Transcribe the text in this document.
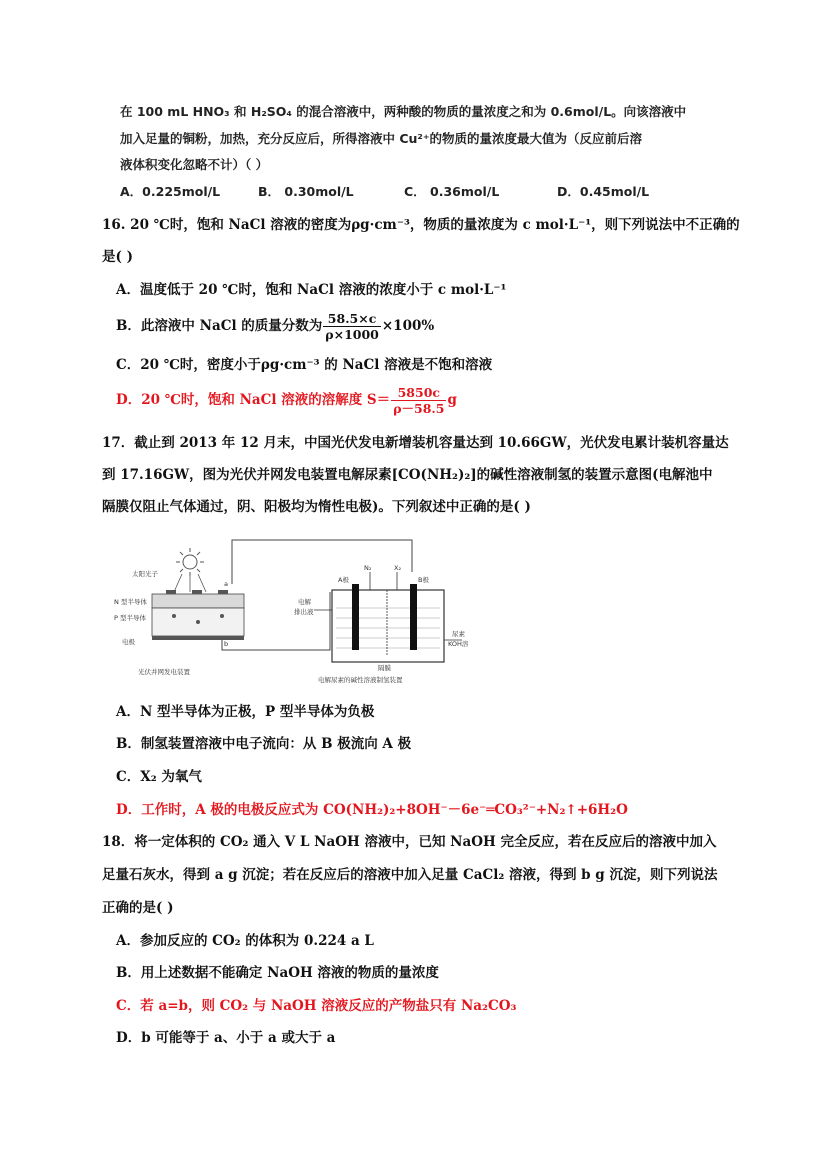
在 100 mL HNO₃ 和 H₂SO₄ 的混合溶液中，两种酸的物质的量浓度之和为 0.6mol/L。向该溶液中
加入足量的铜粉，加热，充分反应后，所得溶液中 Cu²⁺的物质的量浓度最大值为（反应前后溶
液体积变化忽略不计）（ ）
A．0.225mol/L	B． 0.30mol/L	C． 0.36mol/L	D．0.45mol/L
16. 20 ℃时，饱和 NaCl 溶液的密度为ρg·cm⁻³，物质的量浓度为 c mol·L⁻¹，则下列说法中不正确的
是( )
A．温度低于 20 ℃时，饱和 NaCl 溶液的浓度小于 c mol·L⁻¹
B．此溶液中 NaCl 的质量分数为 $\frac{58.5\times c}{\rho\times 1000} \times 100\%$
C．20 ℃时，密度小于ρg·cm⁻³ 的 NaCl 溶液是不饱和溶液
D．20 ℃时，饱和 NaCl 溶液的溶解度 $S= \frac{5850c}{\rho-58.5}$ g
17．截止到 2013 年 12 月末，中国光伏发电新增装机容量达到 10.66GW，光伏发电累计装机容量达
到 17.16GW，图为光伏并网发电装置电解尿素[CO(NH₂)₂]的碱性溶液制氢的装置示意图(电解池中
隔膜仅阻止气体通过，阴、阳极均为惰性电极)。下列叙述中正确的是( )
太阳光子
N 型半导体
P 型半导体
电极
a
b
光伏并网发电装置
A极	B极
N₂	X₂
电解
排出液
尿素
KOH溶
隔膜
电解尿素的碱性溶液制氢装置
A．N 型半导体为正极，P 型半导体为负极
B．制氢装置溶液中电子流向：从 B 极流向 A 极
C．X₂ 为氧气
D．工作时，A 极的电极反应式为 CO(NH₂)₂+8OH⁻－6e⁻═CO₃²⁻+N₂↑+6H₂O
18．将一定体积的 CO₂ 通入 V L NaOH 溶液中，已知 NaOH 完全反应，若在反应后的溶液中加入
足量石灰水，得到 a g 沉淀；若在反应后的溶液中加入足量 CaCl₂ 溶液，得到 b g 沉淀，则下列说法
正确的是( )
A．参加反应的 CO₂ 的体积为 0.224 a L
B．用上述数据不能确定 NaOH 溶液的物质的量浓度
C．若 a=b，则 CO₂ 与 NaOH 溶液反应的产物盐只有 Na₂CO₃
D．b 可能等于 a、小于 a 或大于 a
